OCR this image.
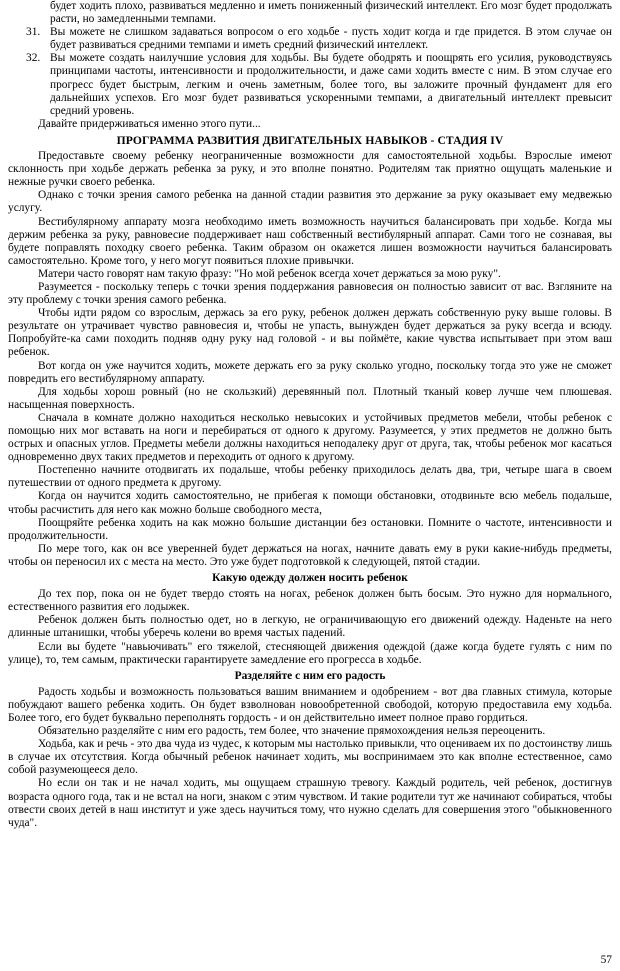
будет ходить плохо, развиваться медленно и иметь пониженный физический интеллект. Его мозг будет продолжать расти, но замедленными темпами.
31. Вы можете не слишком задаваться вопросом о его ходьбе - пусть ходит когда и где придется. В этом случае он будет развиваться средними темпами и иметь средний физический интеллект.
32. Вы можете создать наилучшие условия для ходьбы. Вы будете ободрять и поощрять его усилия, руководствуясь принципами частоты, интенсивности и продолжительности, и даже сами ходить вместе с ним. В этом случае его прогресс будет быстрым, легким и очень заметным, более того, вы заложите прочный фундамент для его дальнейших успехов. Его мозг будет развиваться ускоренными темпами, а двигательный интеллект превысит средний уровень.

Давайте придерживаться именно этого пути...

ПРОГРАММА РАЗВИТИЯ ДВИГАТЕЛЬНЫХ НАВЫКОВ - СТАДИЯ IV

Предоставьте своему ребенку неограниченные возможности для самостоятельной ходьбы. Взрослые имеют склонность при ходьбе держать ребенка за руку, и это вполне понятно. Родителям так приятно ощущать маленькие и нежные ручки своего ребенка.

Однако с точки зрения самого ребенка на данной стадии развития это держание за руку оказывает ему медвежью услугу.

Вестибулярному аппарату мозга необходимо иметь возможность научиться балансировать при ходьбе. Когда мы держим ребенка за руку, равновесие поддерживает наш собственный вестибулярный аппарат. Сами того не сознавая, вы будете поправлять походку своего ребенка. Таким образом он окажется лишен возможности научиться балансировать самостоятельно. Кроме того, у него могут появиться плохие привычки.

Матери часто говорят нам такую фразу: "Но мой ребенок всегда хочет держаться за мою руку".

Разумеется - поскольку теперь с точки зрения поддержания равновесия он полностью зависит от вас. Взгляните на эту проблему с точки зрения самого ребенка.

Чтобы идти рядом со взрослым, держась за его руку, ребенок должен держать собственную руку выше головы. В результате он утрачивает чувство равновесия и, чтобы не упасть, вынужден будет держаться за руку всегда и всюду. Попробуйте-ка сами походить подняв одну руку над головой - и вы поймёте, какие чувства испытывает при этом ваш ребенок.

Вот когда он уже научится ходить, можете держать его за руку сколько угодно, поскольку тогда это уже не сможет повредить его вестибулярному аппарату.

Для ходьбы хорош ровный (но не скользкий) деревянный пол. Плотный тканый ковер лучше чем плюшевая. насыщенная поверхность.

Сначала в комнате должно находиться несколько невысоких и устойчивых предметов мебели, чтобы ребенок с помощью них мог вставать на ноги и перебираться от одного к другому. Разумеется, у этих предметов не должно быть острых и опасных углов. Предметы мебели должны находиться неподалеку друг от друга, так, чтобы ребенок мог касаться одновременно двух таких предметов и переходить от одного к другому.

Постепенно начните отодвигать их подальше, чтобы ребенку приходилось делать два, три, четыре шага в своем путешествии от одного предмета к другому.

Когда он научится ходить самостоятельно, не прибегая к помощи обстановки, отодвиньте всю мебель подальше, чтобы расчистить для него как можно больше свободного места,

Поощряйте ребенка ходить на как можно большие дистанции без остановки. Помните о частоте, интенсивности и продолжительности.

По мере того, как он все уверенней будет держаться на ногах, начните давать ему в руки какие-нибудь предметы, чтобы он переносил их с места на место. Это уже будет подготовкой к следующей, пятой стадии.

Какую одежду должен носить ребенок

До тех пор, пока он не будет твердо стоять на ногах, ребенок должен быть босым. Это нужно для нормального, естественного развития его лодыжек.

Ребенок должен быть полностью одет, но в легкую, не ограничивающую его движений одежду. Наденьте на него длинные штанишки, чтобы уберечь колени во время частых падений.

Если вы будете "навьючивать" его тяжелой, стесняющей движения одеждой (даже когда будете гулять с ним по улице), то, тем самым, практически гарантируете замедление его прогресса в ходьбе.

Разделяйте с ним его радость

Радость ходьбы и возможность пользоваться вашим вниманием и одобрением - вот два главных стимула, которые побуждают вашего ребенка ходить. Он будет взволнован новообретенной свободой, которую предоставила ему ходьба. Более того, его будет буквально переполнять гордость - и он действительно имеет полное право гордиться.

Обязательно разделяйте с ним его радость, тем более, что значение прямохождения нельзя переоценить.

Ходьба, как и речь - это два чуда из чудес, к которым мы настолько привыкли, что оцениваем их по достоинству лишь в случае их отсутствия. Когда обычный ребенок начинает ходить, мы воспринимаем это как вполне естественное, само собой разумеющееся дело.

Но если он так и не начал ходить, мы ощущаем страшную тревогу. Каждый родитель, чей ребенок, достигнув возраста одного года, так и не встал на ноги, знаком с этим чувством. И такие родители тут же начинают собираться, чтобы отвести своих детей в наш институт и уже здесь научиться тому, что нужно сделать для совершения этого "обыкновенного чуда".

57
